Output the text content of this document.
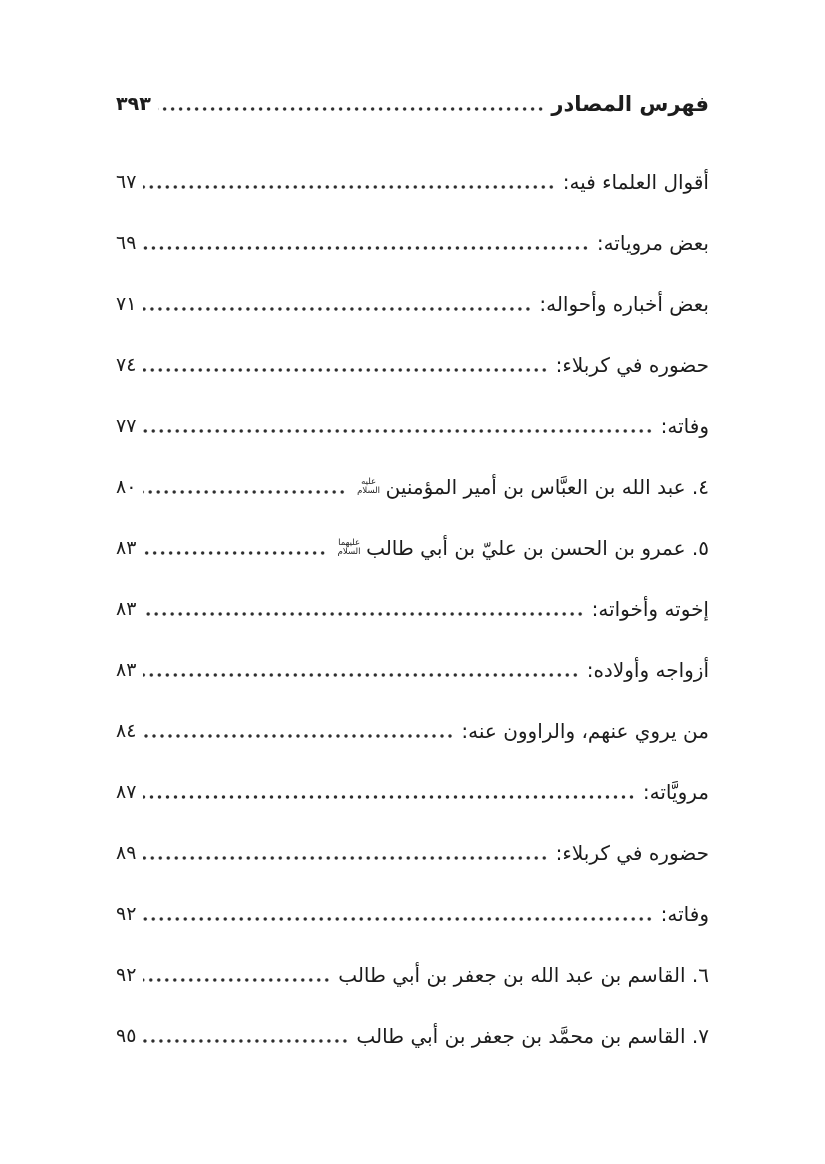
فهرس المصادر
٣٩٣
أقوال العلماء فيه:
٦٧
بعض مروياته:
٦٩
بعض أخباره وأحواله:
٧١
حضوره في كربلاء:
٧٤
وفاته:
٧٧
٤. عبد الله بن العبَّاس بن أمير المؤمنين
عليه السلام
٨٠
٥. عمرو بن الحسن بن عليّ بن أبي طالب
عليهما السلام
٨٣
إخوته وأخواته:
٨٣
أزواجه وأولاده:
٨٣
من يروي عنهم، والراوون عنه:
٨٤
مرويَّاته:
٨٧
حضوره في كربلاء:
٨٩
وفاته:
٩٢
٦. القاسم بن عبد الله بن جعفر بن أبي طالب
٩٢
٧. القاسم بن محمَّد بن جعفر بن أبي طالب
٩٥
